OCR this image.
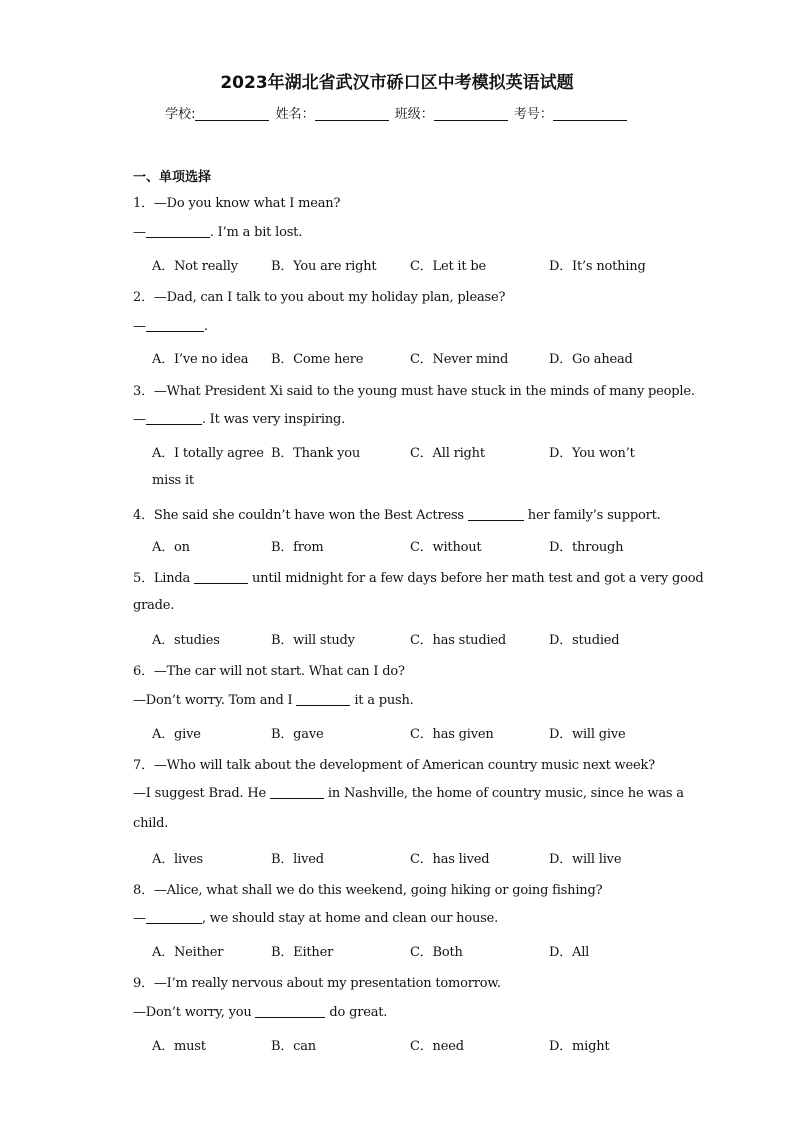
2023年湖北省武汉市硚口区中考模拟英语试题
学校:	姓名：	班级：	考号：
一、单项选择
1．—Do you know what I mean?
—	. I’m a bit lost.
A．Not really	B．You are right	C．Let it be	D．It’s nothing
2．—Dad, can I talk to you about my holiday plan, please?
—	.
A．I’ve no idea B．Come here	C．Never mind	D．Go ahead
3．—What President Xi said to the young must have stuck in the minds of many people.
—	. It was very inspiring.
A．I totally agree B．Thank you	C．All right	D．You won’t
miss it
4．She said she couldn’t have won the Best Actress	her family’s support.
A．on	B．from	C．without	D．through
5．Linda	until midnight for a few days before her math test and got a very good
grade.
A．studies	B．will study	C．has studied	D．studied
6．—The car will not start. What can I do?
—Don’t worry. Tom and I	it a push.
A．give	B．gave	C．has given	D．will give
7．—Who will talk about the development of American country music next week?
—I suggest Brad. He	in Nashville, the home of country music, since he was a
child.
A．lives	B．lived	C．has lived	D．will live
8．—Alice, what shall we do this weekend, going hiking or going fishing?
—	, we should stay at home and clean our house.
A．Neither	B．Either	C．Both	D．All
9．—I’m really nervous about my presentation tomorrow.
—Don’t worry, you	do great.
A．must	B．can	C．need	D．might
